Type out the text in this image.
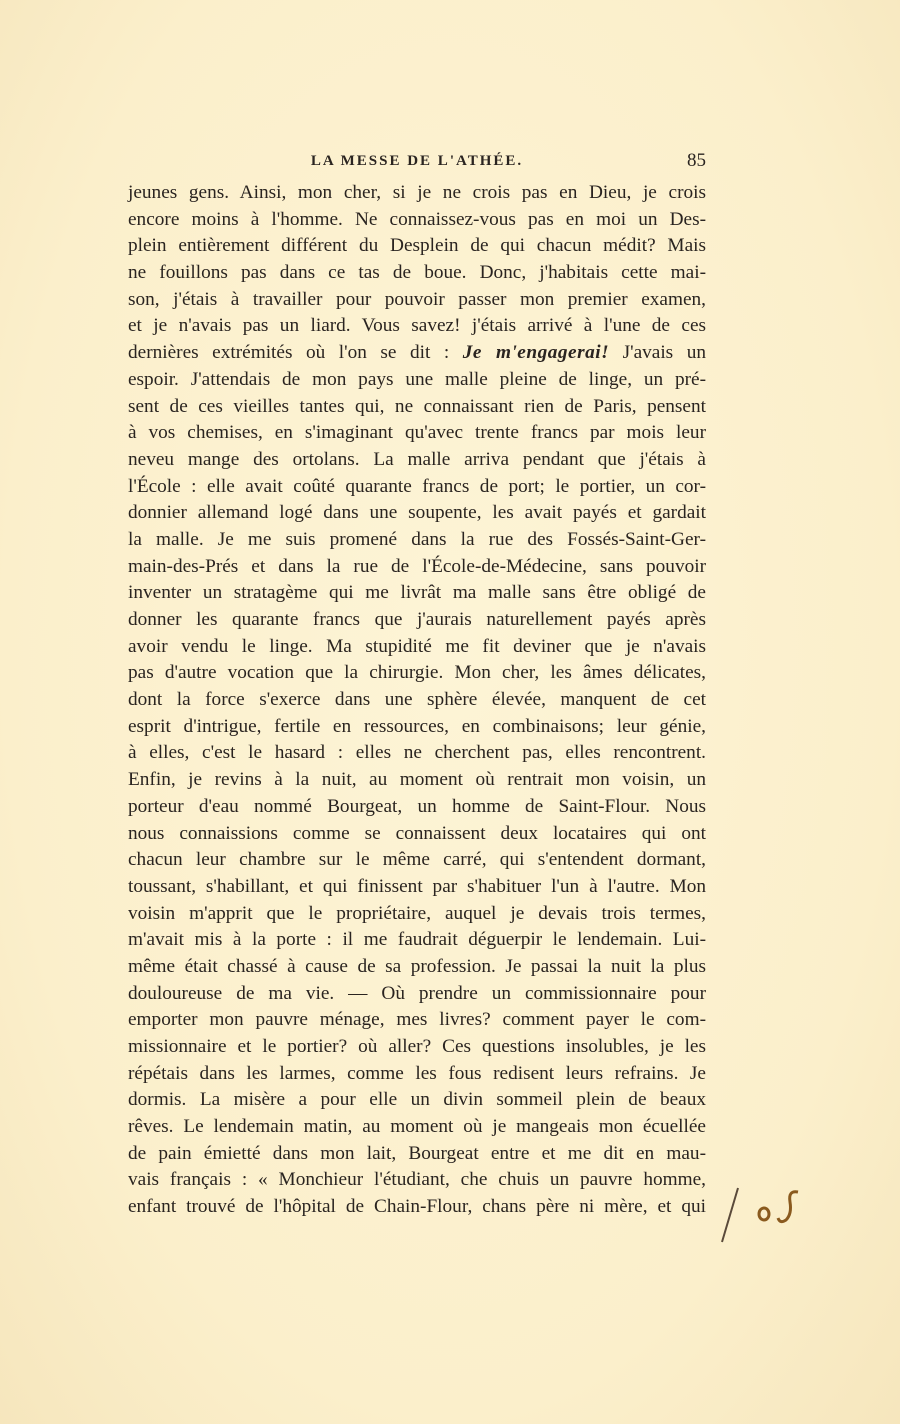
LA MESSE DE L'ATHÉE.	85
jeunes gens. Ainsi, mon cher, si je ne crois pas en Dieu, je crois
encore moins à l'homme. Ne connaissez-vous pas en moi un Des-
plein entièrement différent du Desplein de qui chacun médit? Mais
ne fouillons pas dans ce tas de boue. Donc, j'habitais cette mai-
son, j'étais à travailler pour pouvoir passer mon premier examen,
et je n'avais pas un liard. Vous savez! j'étais arrivé à l'une de ces
dernières extrémités où l'on se dit : Je m'engagerai! J'avais un
espoir. J'attendais de mon pays une malle pleine de linge, un pré-
sent de ces vieilles tantes qui, ne connaissant rien de Paris, pensent
à vos chemises, en s'imaginant qu'avec trente francs par mois leur
neveu mange des ortolans. La malle arriva pendant que j'étais à
l'École : elle avait coûté quarante francs de port; le portier, un cor-
donnier allemand logé dans une soupente, les avait payés et gardait
la malle. Je me suis promené dans la rue des Fossés-Saint-Ger-
main-des-Prés et dans la rue de l'École-de-Médecine, sans pouvoir
inventer un stratagème qui me livrât ma malle sans être obligé de
donner les quarante francs que j'aurais naturellement payés après
avoir vendu le linge. Ma stupidité me fit deviner que je n'avais
pas d'autre vocation que la chirurgie. Mon cher, les âmes délicates,
dont la force s'exerce dans une sphère élevée, manquent de cet
esprit d'intrigue, fertile en ressources, en combinaisons; leur génie,
à elles, c'est le hasard : elles ne cherchent pas, elles rencontrent.
Enfin, je revins à la nuit, au moment où rentrait mon voisin, un
porteur d'eau nommé Bourgeat, un homme de Saint-Flour. Nous
nous connaissions comme se connaissent deux locataires qui ont
chacun leur chambre sur le même carré, qui s'entendent dormant,
toussant, s'habillant, et qui finissent par s'habituer l'un à l'autre. Mon
voisin m'apprit que le propriétaire, auquel je devais trois termes,
m'avait mis à la porte : il me faudrait déguerpir le lendemain. Lui-
même était chassé à cause de sa profession. Je passai la nuit la plus
douloureuse de ma vie. — Où prendre un commissionnaire pour
emporter mon pauvre ménage, mes livres? comment payer le com-
missionnaire et le portier? où aller? Ces questions insolubles, je les
répétais dans les larmes, comme les fous redisent leurs refrains. Je
dormis. La misère a pour elle un divin sommeil plein de beaux
rêves. Le lendemain matin, au moment où je mangeais mon écuellée
de pain émietté dans mon lait, Bourgeat entre et me dit en mau-
vais français : « Monchieur l'étudiant, che chuis un pauvre homme,
enfant trouvé de l'hôpital de Chain-Flour, chans père ni mère, et qui
